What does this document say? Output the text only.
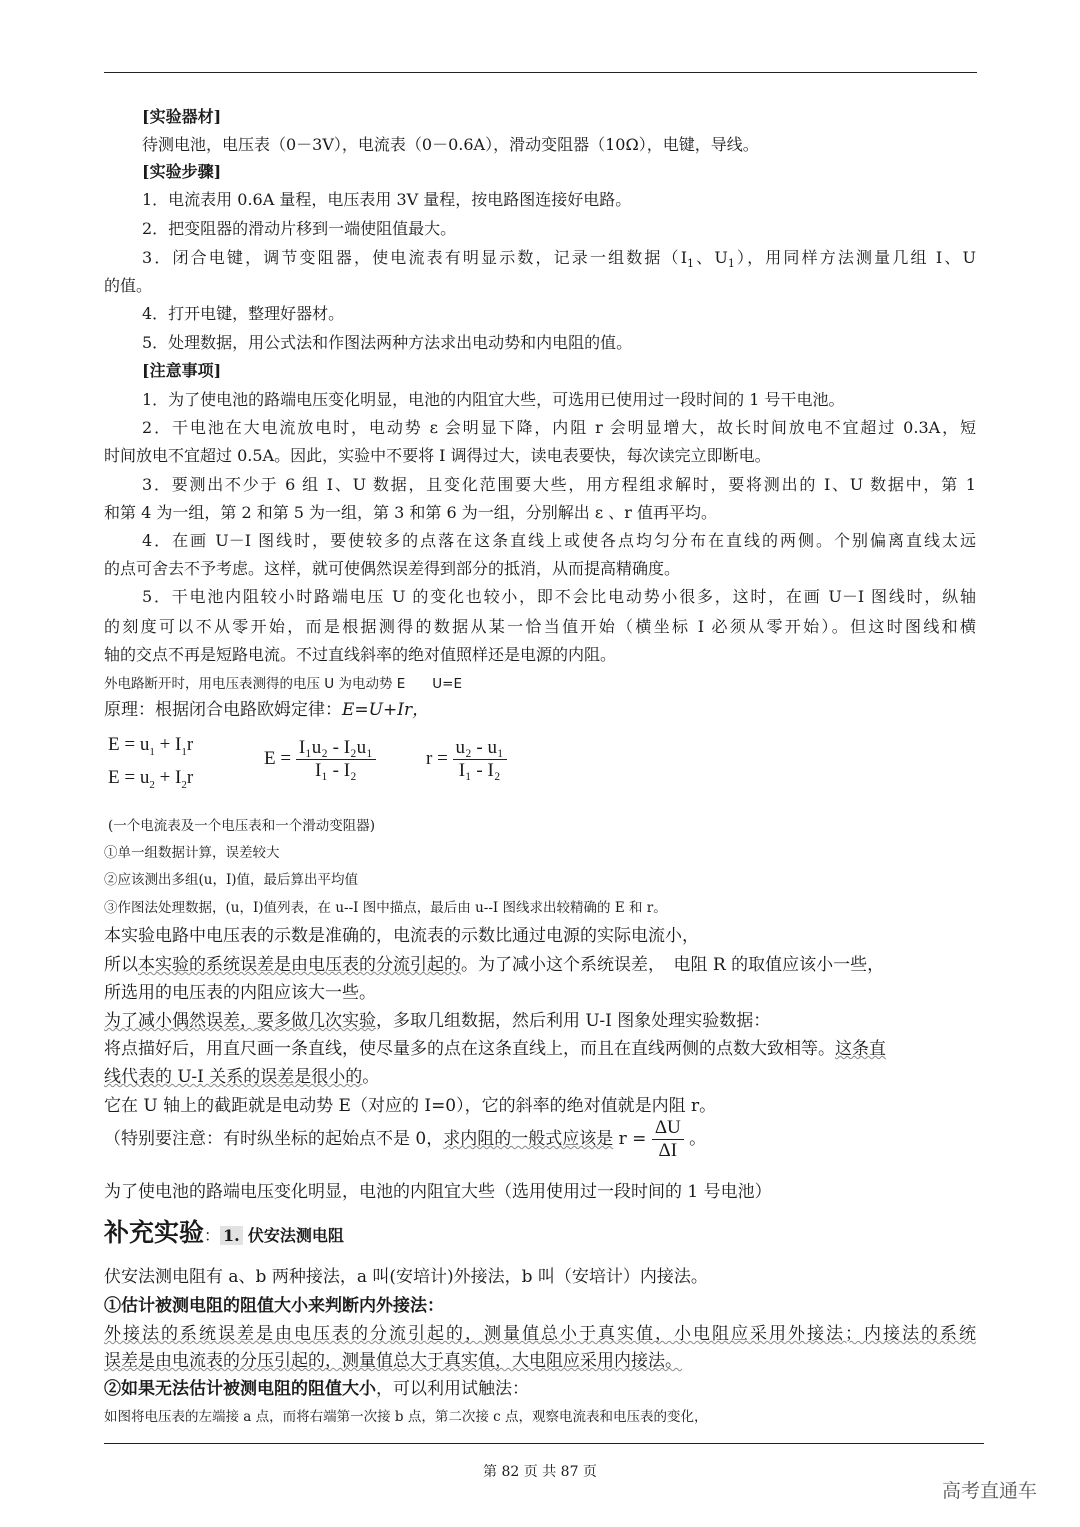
[实验器材]
待测电池，电压表（0－3V），电流表（0－0.6A），滑动变阻器（10Ω），电键，导线。
[实验步骤]
1．电流表用 0.6A 量程，电压表用 3V 量程，按电路图连接好电路。
2．把变阻器的滑动片移到一端使阻值最大。
3．闭合电键，调节变阻器，使电流表有明显示数，记录一组数据（$I_1$、$U_1$），用同样方法测量几组 I、U
的值。
4．打开电键，整理好器材。
5．处理数据，用公式法和作图法两种方法求出电动势和内电阻的值。
[注意事项]
1．为了使电池的路端电压变化明显，电池的内阻宜大些，可选用已使用过一段时间的 1 号干电池。
2．干电池在大电流放电时，电动势 ε 会明显下降，内阻 r 会明显增大，故长时间放电不宜超过 0.3A，短
时间放电不宜超过 0.5A。因此，实验中不要将 I 调得过大，读电表要快，每次读完立即断电。
3．要测出不少于 6 组 I、U 数据，且变化范围要大些，用方程组求解时，要将测出的 I、U 数据中，第 1
和第 4 为一组，第 2 和第 5 为一组，第 3 和第 6 为一组，分别解出 ε 、r 值再平均。
4．在画 U－I 图线时，要使较多的点落在这条直线上或使各点均匀分布在直线的两侧。个别偏离直线太远
的点可舍去不予考虑。这样，就可使偶然误差得到部分的抵消，从而提高精确度。
5．干电池内阻较小时路端电压 U 的变化也较小，即不会比电动势小很多，这时，在画 U－I 图线时，纵轴
的刻度可以不从零开始，而是根据测得的数据从某一恰当值开始（横坐标 I 必须从零开始）。但这时图线和横
轴的交点不再是短路电流。不过直线斜率的绝对值照样还是电源的内阻。
外电路断开时，用电压表测得的电压 U 为电动势 E　　U=E
原理：根据闭合电路欧姆定律：E=U+Ir，
$E = u_1 + I_1r$
$E = u_2 + I_2r$
$E = \frac{\text{I₁u₂ - I₂u₁}}{\text{I₁ - I₂}}$	$r = \frac{\text{u₂ - u₁}}{\text{I₁ - I₂}}$
(一个电流表及一个电压表和一个滑动变阻器)
①单一组数据计算，误差较大
②应该测出多组(u，I)值，最后算出平均值
③作图法处理数据，(u，I)值列表，在 u--I 图中描点，最后由 u--I 图线求出较精确的 E 和 r。
本实验电路中电压表的示数是准确的，电流表的示数比通过电源的实际电流小，
所以本实验的系统误差是由电压表的分流引起的。为了减小这个系统误差，　电阻 R 的取值应该小一些，
所选用的电压表的内阻应该大一些。
为了减小偶然误差，要多做几次实验，多取几组数据，然后利用 U-I 图象处理实验数据：
将点描好后，用直尺画一条直线，使尽量多的点在这条直线上，而且在直线两侧的点数大致相等。这条直
线代表的 U-I 关系的误差是很小的。
它在 U 轴上的截距就是电动势 E（对应的 I=0），它的斜率的绝对值就是内阻 r。
（特别要注意：有时纵坐标的起始点不是 0，求内阻的一般式应该是 $r = \frac{\Delta U}{\Delta I}$ 。
为了使电池的路端电压变化明显，电池的内阻宜大些（选用使用过一段时间的 1 号电池）
补充实验： 1. 伏安法测电阻
伏安法测电阻有 a、b 两种接法，a 叫(安培计)外接法，b 叫（安培计）内接法。
①估计被测电阻的阻值大小来判断内外接法：
外接法的系统误差是由电压表的分流引起的，测量值总小于真实值，小电阻应采用外接法；内接法的系统
误差是由电流表的分压引起的，测量值总大于真实值，大电阻应采用内接法。
②如果无法估计被测电阻的阻值大小，可以利用试触法：
如图将电压表的左端接 a 点，而将右端第一次接 b 点，第二次接 c 点，观察电流表和电压表的变化，
第 82 页 共 87 页
高考直通车
